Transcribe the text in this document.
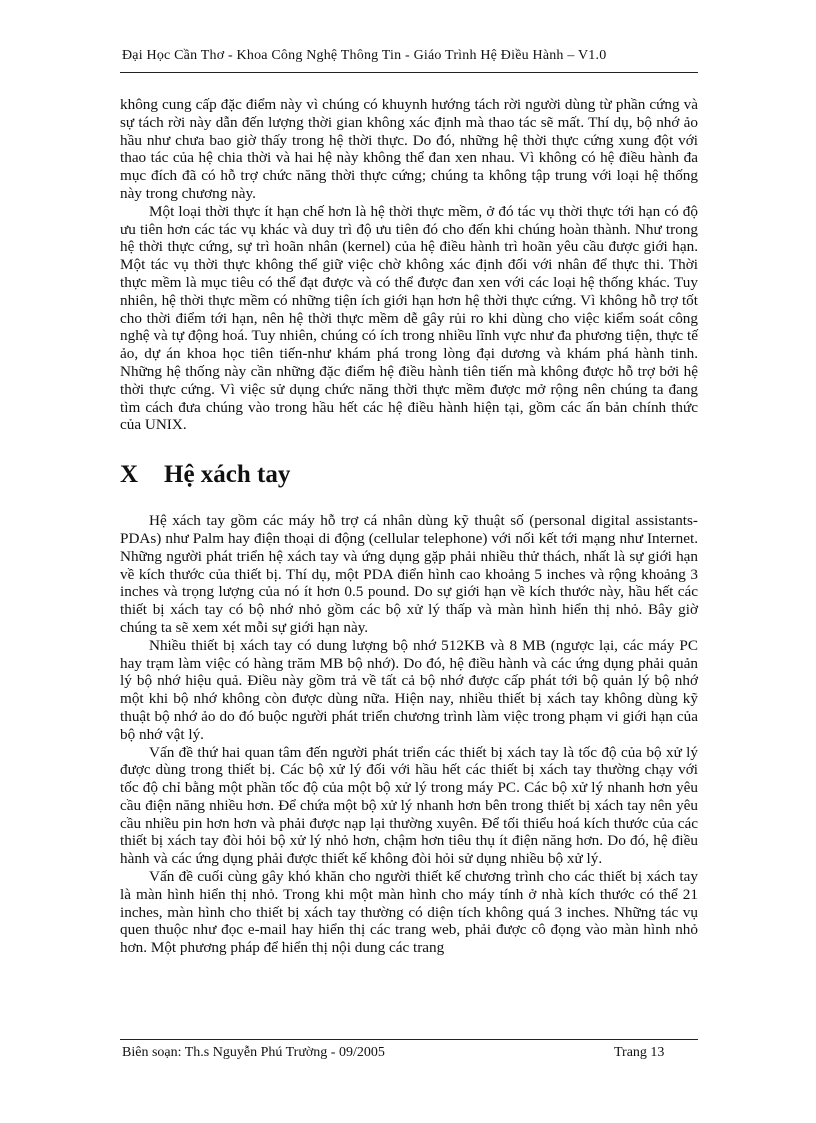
Đại Học Cần Thơ - Khoa Công Nghệ Thông Tin - Giáo Trình Hệ Điều Hành – V1.0

không cung cấp đặc điểm này vì chúng có khuynh hướng tách rời người dùng từ phần cứng và sự tách rời này dẫn đến lượng thời gian không xác định mà thao tác sẽ mất. Thí dụ, bộ nhớ ảo hầu như chưa bao giờ thấy trong hệ thời thực. Do đó, những hệ thời thực cứng xung đột với thao tác của hệ chia thời và hai hệ này không thể đan xen nhau. Vì không có hệ điều hành đa mục đích đã có hỗ trợ chức năng thời thực cứng; chúng ta không tập trung với loại hệ thống này trong chương này.

Một loại thời thực ít hạn chế hơn là hệ thời thực mềm, ở đó tác vụ thời thực tới hạn có độ ưu tiên hơn các tác vụ khác và duy trì độ ưu tiên đó cho đến khi chúng hoàn thành. Như trong hệ thời thực cứng, sự trì hoãn nhân (kernel) của hệ điều hành trì hoãn yêu cầu được giới hạn. Một tác vụ thời thực không thể giữ việc chờ không xác định đối với nhân để thực thi. Thời thực mềm là mục tiêu có thể đạt được và có thể được đan xen với các loại hệ thống khác. Tuy nhiên, hệ thời thực mềm có những tiện ích giới hạn hơn hệ thời thực cứng. Vì không hỗ trợ tốt cho thời điểm tới hạn, nên hệ thời thực mềm dễ gây rủi ro khi dùng cho việc kiểm soát công nghệ và tự động hoá. Tuy nhiên, chúng có ích trong nhiều lĩnh vực như đa phương tiện, thực tế ảo, dự án khoa học tiên tiến-như khám phá trong lòng đại dương và khám phá hành tinh. Những hệ thống này cần những đặc điểm hệ điều hành tiên tiến mà không được hỗ trợ bởi hệ thời thực cứng. Vì việc sử dụng chức năng thời thực mềm được mở rộng nên chúng ta đang tìm cách đưa chúng vào trong hầu hết các hệ điều hành hiện tại, gồm các ấn bản chính thức của UNIX.

X Hệ xách tay

Hệ xách tay gồm các máy hỗ trợ cá nhân dùng kỹ thuật số (personal digital assistants-PDAs) như Palm hay điện thoại di động (cellular telephone) với nối kết tới mạng như Internet. Những người phát triển hệ xách tay và ứng dụng gặp phải nhiều thử thách, nhất là sự giới hạn về kích thước của thiết bị. Thí dụ, một PDA điển hình cao khoảng 5 inches và rộng khoảng 3 inches và trọng lượng của nó ít hơn 0.5 pound. Do sự giới hạn về kích thước này, hầu hết các thiết bị xách tay có bộ nhớ nhỏ gồm các bộ xử lý thấp và màn hình hiển thị nhỏ. Bây giờ chúng ta sẽ xem xét mỗi sự giới hạn này.

Nhiều thiết bị xách tay có dung lượng bộ nhớ 512KB và 8 MB (ngược lại, các máy PC hay trạm làm việc có hàng trăm MB bộ nhớ). Do đó, hệ điều hành và các ứng dụng phải quản lý bộ nhớ hiệu quả. Điều này gồm trả về tất cả bộ nhớ được cấp phát tới bộ quản lý bộ nhớ một khi bộ nhớ không còn được dùng nữa. Hiện nay, nhiều thiết bị xách tay không dùng kỹ thuật bộ nhớ ảo do đó buộc người phát triển chương trình làm việc trong phạm vi giới hạn của bộ nhớ vật lý.

Vấn đề thứ hai quan tâm đến người phát triển các thiết bị xách tay là tốc độ của bộ xử lý được dùng trong thiết bị. Các bộ xử lý đối với hầu hết các thiết bị xách tay thường chạy với tốc độ chỉ bằng một phần tốc độ của một bộ xử lý trong máy PC. Các bộ xử lý nhanh hơn yêu cầu điện năng nhiều hơn. Để chứa một bộ xử lý nhanh hơn bên trong thiết bị xách tay nên yêu cầu nhiều pin hơn hơn và phải được nạp lại thường xuyên. Để tối thiểu hoá kích thước của các thiết bị xách tay đòi hỏi bộ xử lý nhỏ hơn, chậm hơn tiêu thụ ít điện năng hơn. Do đó, hệ điều hành và các ứng dụng phải được thiết kế không đòi hỏi sử dụng nhiều bộ xử lý.

Vấn đề cuối cùng gây khó khăn cho người thiết kế chương trình cho các thiết bị xách tay là màn hình hiển thị nhỏ. Trong khi một màn hình cho máy tính ở nhà kích thước có thể 21 inches, màn hình cho thiết bị xách tay thường có diện tích không quá 3 inches. Những tác vụ quen thuộc như đọc e-mail hay hiển thị các trang web, phải được cô đọng vào màn hình nhỏ hơn. Một phương pháp để hiển thị nội dung các trang

Biên soạn: Th.s Nguyễn Phú Trường - 09/2005	Trang 13
